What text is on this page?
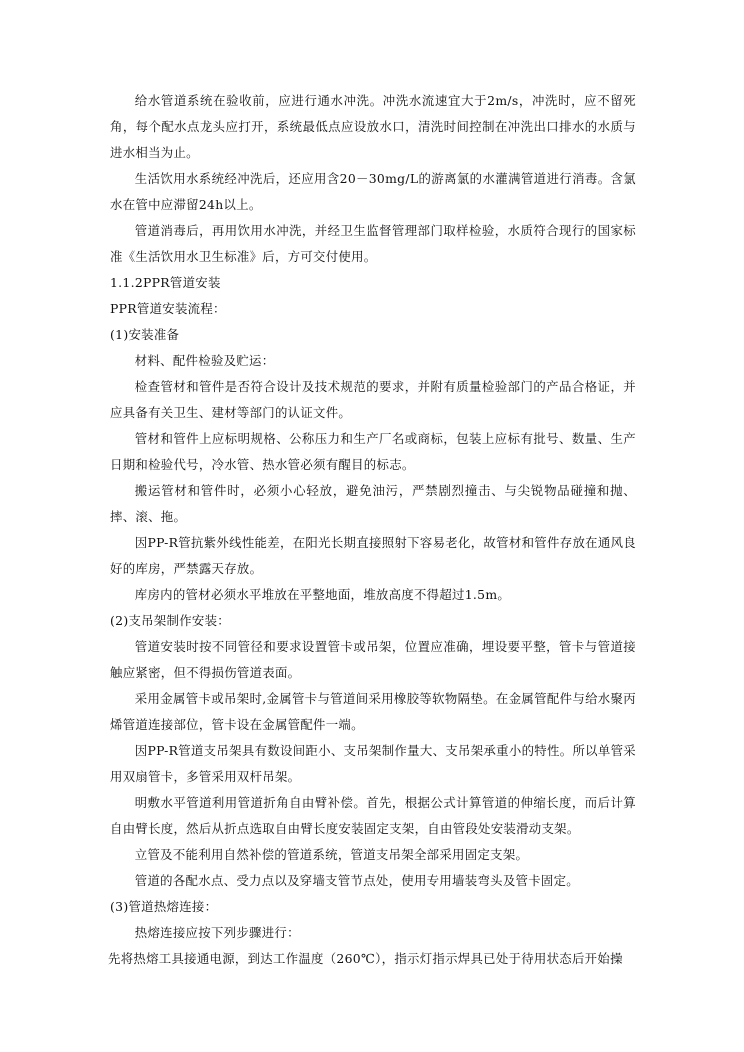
给水管道系统在验收前，应进行通水冲洗。冲洗水流速宜大于2m/s，冲洗时，应不留死角，每个配水点龙头应打开，系统最低点应设放水口，清洗时间控制在冲洗出口排水的水质与进水相当为止。

生活饮用水系统经冲洗后，还应用含20－30mg/L的游离氯的水灌满管道进行消毒。含氯水在管中应滞留24h以上。

管道消毒后，再用饮用水冲洗，并经卫生监督管理部门取样检验，水质符合现行的国家标准《生活饮用水卫生标准》后，方可交付使用。

1.1.2PPR管道安装

PPR管道安装流程：

(1)安装准备

材料、配件检验及贮运：

检查管材和管件是否符合设计及技术规范的要求，并附有质量检验部门的产品合格证，并应具备有关卫生、建材等部门的认证文件。

管材和管件上应标明规格、公称压力和生产厂名或商标，包装上应标有批号、数量、生产日期和检验代号，冷水管、热水管必须有醒目的标志。

搬运管材和管件时，必须小心轻放，避免油污，严禁剧烈撞击、与尖锐物品碰撞和抛、摔、滚、拖。

因PP-R管抗紫外线性能差，在阳光长期直接照射下容易老化，故管材和管件存放在通风良好的库房，严禁露天存放。

库房内的管材必须水平堆放在平整地面，堆放高度不得超过1.5m。

(2)支吊架制作安装：

管道安装时按不同管径和要求设置管卡或吊架，位置应准确，埋设要平整，管卡与管道接触应紧密，但不得损伤管道表面。

采用金属管卡或吊架时,金属管卡与管道间采用橡胶等软物隔垫。在金属管配件与给水聚丙烯管道连接部位，管卡设在金属管配件一端。

因PP-R管道支吊架具有数设间距小、支吊架制作量大、支吊架承重小的特性。所以单管采用双扇管卡，多管采用双杆吊架。

明敷水平管道利用管道折角自由臂补偿。首先，根据公式计算管道的伸缩长度，而后计算自由臂长度，然后从折点选取自由臂长度安装固定支架，自由管段处安装滑动支架。

立管及不能利用自然补偿的管道系统，管道支吊架全部采用固定支架。

管道的各配水点、受力点以及穿墙支管节点处，使用专用墙装弯头及管卡固定。

(3)管道热熔连接：

热熔连接应按下列步骤进行：

先将热熔工具接通电源，到达工作温度（260℃），指示灯指示焊具已处于待用状态后开始操
